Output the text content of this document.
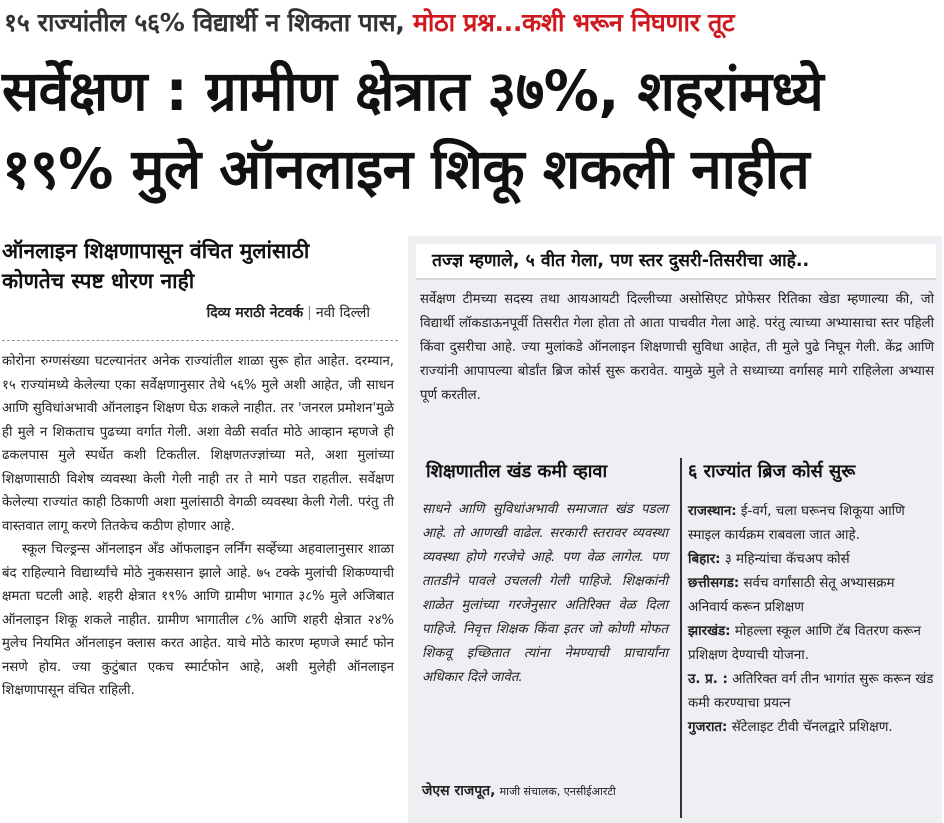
१५ राज्यांतील ५६% विद्यार्थी न शिकता पास, मोठा प्रश्न...कशी भरून निघणार तूट
सर्वेक्षण : ग्रामीण क्षेत्रात ३७%, शहरांमध्ये
१९% मुले ऑनलाइन शिकू शकली नाहीत
ऑनलाइन शिक्षणापासून वंचित मुलांसाठी कोणतेच स्पष्ट धोरण नाही
दिव्य मराठी नेटवर्क | नवी दिल्ली

कोरोना रुग्णसंख्या घटल्यानंतर अनेक राज्यांतील शाळा सुरू होत आहेत. दरम्यान, १५ राज्यांमध्ये केलेल्या एका सर्वेक्षणानुसार तेथे ५६% मुले अशी आहेत, जी साधन आणि सुविधांअभावी ऑनलाइन शिक्षण घेऊ शकले नाहीत. तर 'जनरल प्रमोशन'मुळे ही मुले न शिकताच पुढच्या वर्गात गेली. अशा वेळी सर्वात मोठे आव्हान म्हणजे ही ढकलपास मुले स्पर्धेत कशी टिकतील. शिक्षणतज्ज्ञांच्या मते, अशा मुलांच्या शिक्षणासाठी विशेष व्यवस्था केली गेली नाही तर ते मागे पडत राहतील. सर्वेक्षण केलेल्या राज्यांत काही ठिकाणी अशा मुलांसाठी वेगळी व्यवस्था केली गेली. परंतु ती वास्तवात लागू करणे तितकेच कठीण होणार आहे.

स्कूल चिल्ड्रन्स ऑनलाइन अँड ऑफलाइन लर्निंग सर्व्हेच्या अहवालानुसार शाळा बंद राहिल्याने विद्यार्थ्यांचे मोठे नुकससान झाले आहे. ७५ टक्के मुलांची शिकण्याची क्षमता घटली आहे. शहरी क्षेत्रात १९% आणि ग्रामीण भागात ३८% मुले अजिबात ऑनलाइन शिकू शकले नाहीत. ग्रामीण भागातील ८% आणि शहरी क्षेत्रात २४% मुलेच नियमित ऑनलाइन क्लास करत आहेत. याचे मोठे कारण म्हणजे स्मार्ट फोन नसणे होय. ज्या कुटुंबात एकच स्मार्टफोन आहे, अशी मुलेही ऑनलाइन शिक्षणापासून वंचित राहिली.

तज्ज्ञ म्हणाले, ५ वीत गेला, पण स्तर दुसरी-तिसरीचा आहे..
सर्वेक्षण टीमच्या सदस्य तथा आयआयटी दिल्लीच्या असोसिएट प्रोफेसर रितिका खेडा म्हणाल्या की, जो विद्यार्थी लॉकडाऊनपूर्वी तिसरीत गेला होता तो आता पाचवीत गेला आहे. परंतु त्याच्या अभ्यासाचा स्तर पहिली किंवा दुसरीचा आहे. ज्या मुलांकडे ऑनलाइन शिक्षणाची सुविधा आहेत, ती मुले पुढे निघून गेली. केंद्र आणि राज्यांनी आपापल्या बोर्डांत ब्रिज कोर्स सुरू करावेत. यामुळे मुले ते सध्याच्या वर्गासह मागे राहिलेला अभ्यास पूर्ण करतील.
शिक्षणातील खंड कमी व्हावा
साधने आणि सुविधांअभावी समाजात खंड पडला आहे. तो आणखी वाढेल. सरकारी स्तरावर व्यवस्था व्यवस्था होणे गरजेचे आहे. पण वेळ लागेल. पण तातडीने पावले उचलली गेली पाहिजे. शिक्षकांनी शाळेत मुलांच्या गरजेनुसार अतिरिक्त वेळ दिला पाहिजे. निवृत्त शिक्षक किंवा इतर जो कोणी मोफत शिकवू इच्छितात त्यांना नेमण्याची प्राचार्यांना अधिकार दिले जावेत.
जेएस राजपूत, माजी संचालक, एनसीईआरटी
६ राज्यांत ब्रिज कोर्स सुरू
राजस्थान: ई-वर्ग, चला घरूनच शिकूया आणि स्माइल कार्यक्रम राबवला जात आहे.
बिहार: ३ महिन्यांचा कॅचअप कोर्स
छत्तीसगड: सर्वच वर्गांसाठी सेतू अभ्यासक्रम अनिवार्य करून प्रशिक्षण
झारखंड: मोहल्ला स्कूल आणि टॅब वितरण करून प्रशिक्षण देण्याची योजना.
उ. प्र. : अतिरिक्त वर्ग तीन भागांत सुरू करून खंड कमी करण्याचा प्रयत्न
गुजरात: सॅटेलाइट टीवी चॅनलद्वारे प्रशिक्षण.
